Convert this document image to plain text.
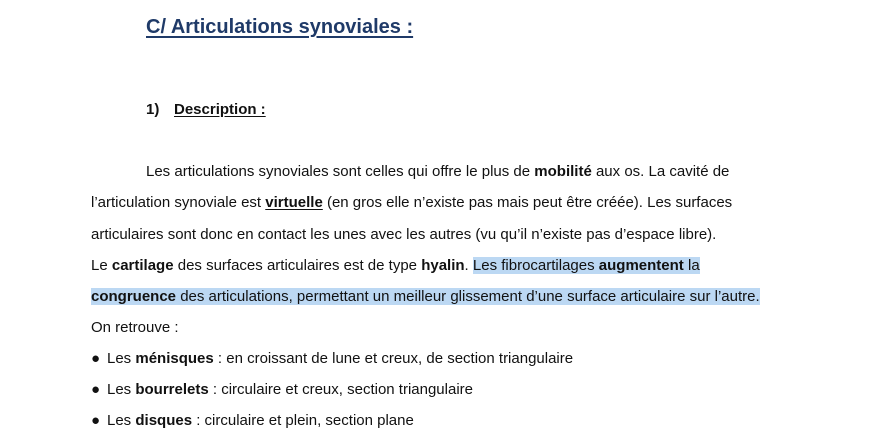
C/ Articulations synoviales :
1) Description :
Les articulations synoviales sont celles qui offre le plus de mobilité aux os. La cavité de
l’articulation synoviale est virtuelle (en gros elle n’existe pas mais peut être créée). Les surfaces
articulaires sont donc en contact les unes avec les autres (vu qu’il n’existe pas d’espace libre).
Le cartilage des surfaces articulaires est de type hyalin. Les fibrocartilages augmentent la
congruence des articulations, permettant un meilleur glissement d’une surface articulaire sur l’autre.
On retrouve :
● Les ménisques : en croissant de lune et creux, de section triangulaire
● Les bourrelets : circulaire et creux, section triangulaire
● Les disques : circulaire et plein, section plane
